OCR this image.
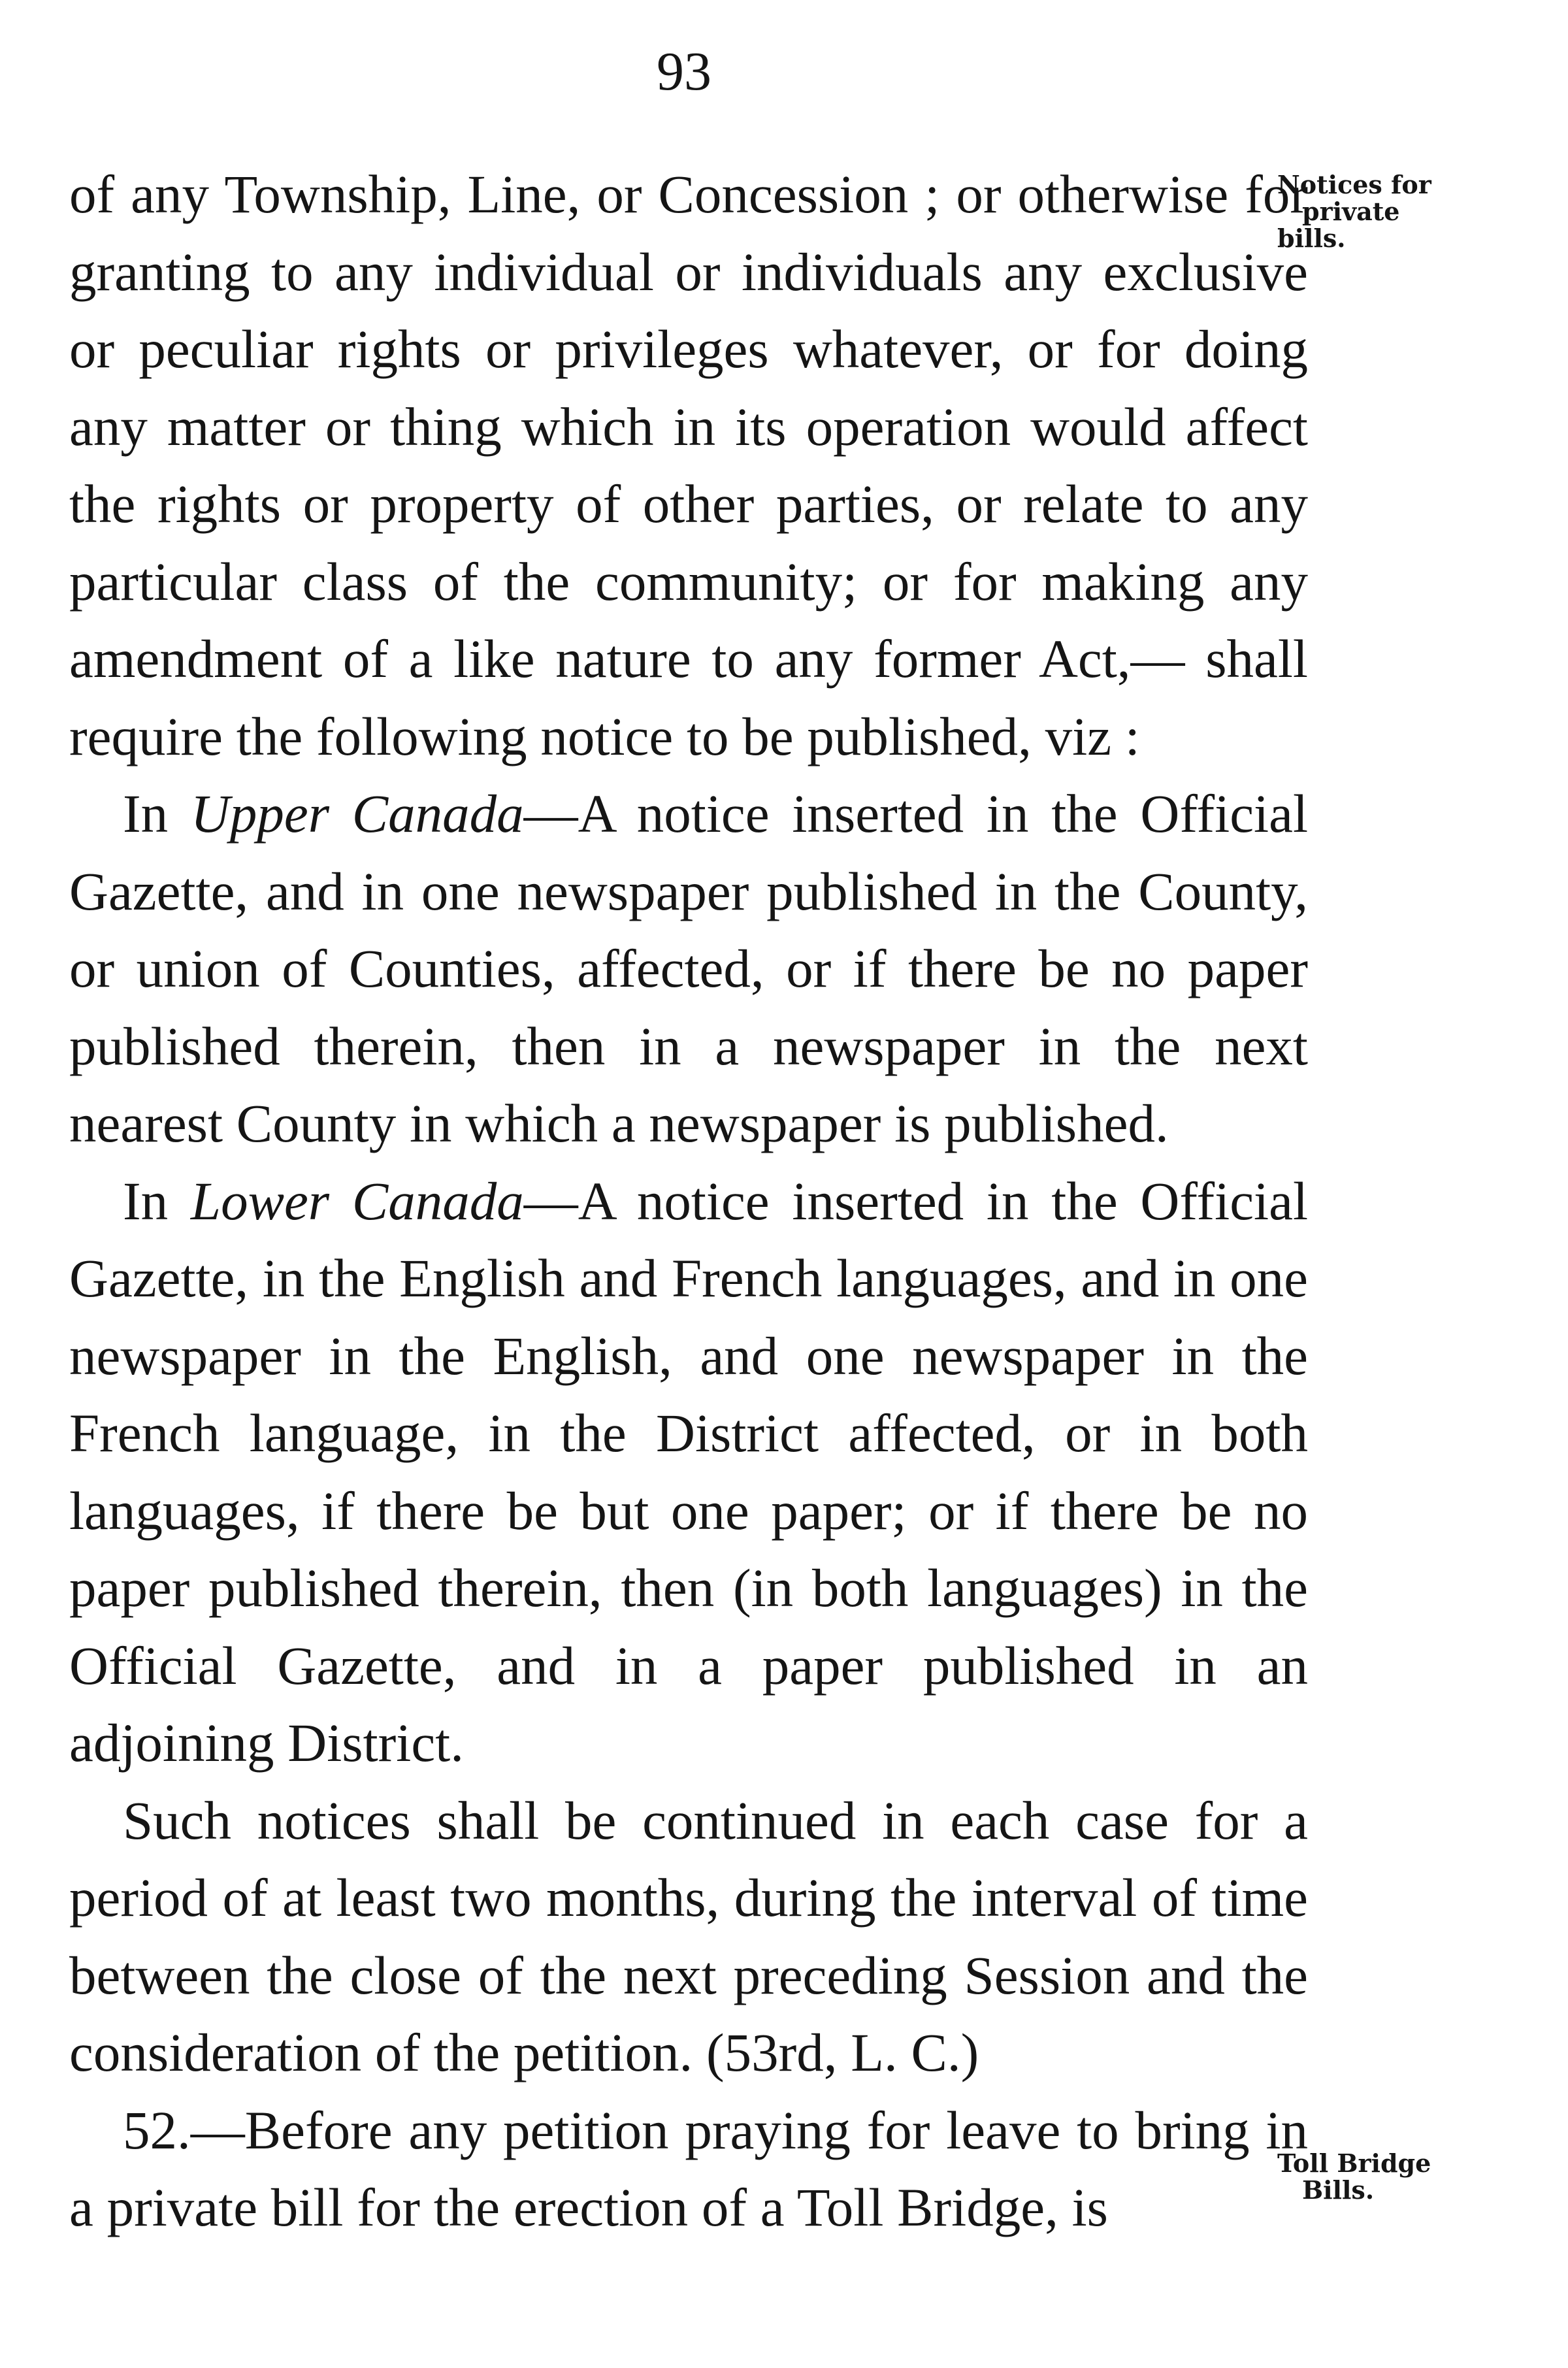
93

of any Township, Line, or Concession ; or otherwise for granting to any individual or individuals any exclusive or peculiar rights or privileges whatever, or for doing any matter or thing which in its operation would affect the rights or property of other parties, or relate to any particular class of the community; or for making any amendment of a like nature to any former Act,— shall require the following notice to be published, viz :

In Upper Canada—A notice inserted in the Official Gazette, and in one newspaper published in the County, or union of Counties, affected, or if there be no paper published therein, then in a newspaper in the next nearest County in which a newspaper is published.

In Lower Canada—A notice inserted in the Official Gazette, in the English and French languages, and in one newspaper in the English, and one newspaper in the French language, in the District affected, or in both languages, if there be but one paper; or if there be no paper published therein, then (in both languages) in the Official Gazette, and in a paper published in an adjoining District.

Such notices shall be continued in each case for a period of at least two months, during the interval of time between the close of the next preceding Session and the consideration of the petition. (53rd, L. C.)

52.—Before any petition praying for leave to bring in a private bill for the erection of a Toll Bridge, is

Notices for
private
bills.
Toll Bridge
Bills.
